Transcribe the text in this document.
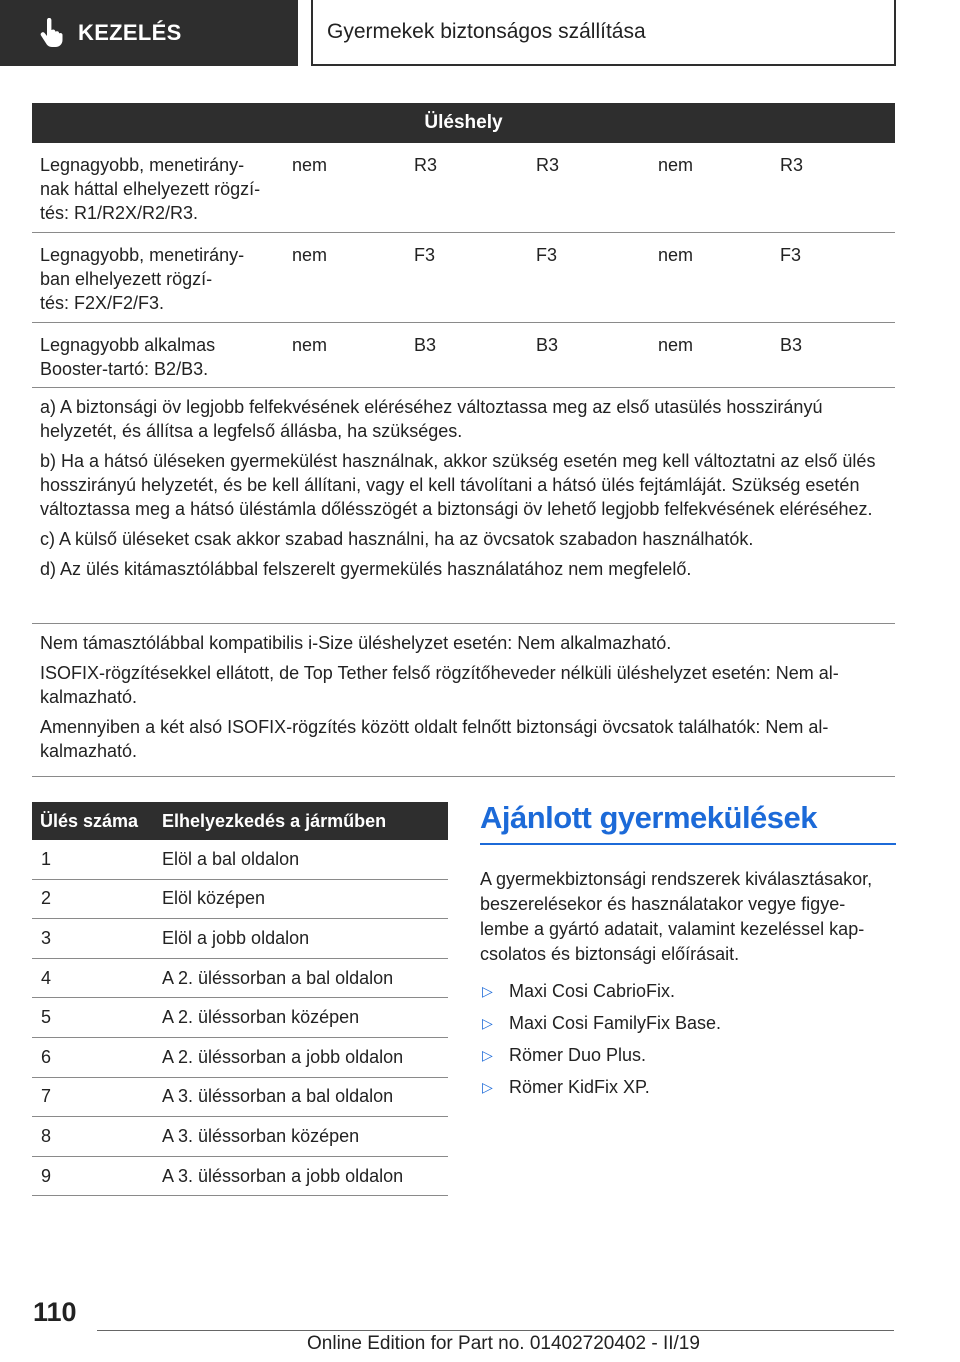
KEZELÉS	Gyermekek biztonságos szállítása
Üléshely
Legnagyobb, menetirány-
nak háttal elhelyezett rögzí-
tés: R1/R2X/R2/R3.
nem	R3	R3	nem	R3
Legnagyobb, menetirány-
ban elhelyezett rögzí-
tés: F2X/F2/F3.
nem	F3	F3	nem	F3
Legnagyobb alkalmas
Booster-tartó: B2/B3.
nem	B3	B3	nem	B3

a) A biztonsági öv legjobb felfekvésének eléréséhez változtassa meg az első utasülés hosszirányú helyzetét, és állítsa a legfelső állásba, ha szükséges.

b) Ha a hátsó üléseken gyermekülést használnak, akkor szükség esetén meg kell változtatni az első ülés hosszirányú helyzetét, és be kell állítani, vagy el kell távolítani a hátsó ülés fejtámláját. Szükség esetén változtassa meg a hátsó üléstámla dőlésszögét a biztonsági öv lehető legjobb felfekvésének eléréséhez.

c) A külső üléseket csak akkor szabad használni, ha az övcsatok szabadon használhatók.

d) Az ülés kitámasztólábbal felszerelt gyermekülés használatához nem megfelelő.

Nem támasztólábbal kompatibilis i-Size üléshelyzet esetén: Nem alkalmazható.

ISOFIX-rögzítésekkel ellátott, de Top Tether felső rögzítőheveder nélküli üléshelyzet esetén: Nem al-
kalmazható.

Amennyiben a két alsó ISOFIX-rögzítés között oldalt felnőtt biztonsági övcsatok találhatók: Nem al-
kalmazható.

Ülés száma	Elhelyezkedés a járműben
1	Elöl a bal oldalon
2	Elöl középen
3	Elöl a jobb oldalon
4	A 2. üléssorban a bal oldalon
5	A 2. üléssorban középen
6	A 2. üléssorban a jobb oldalon
7	A 3. üléssorban a bal oldalon
8	A 3. üléssorban középen
9	A 3. üléssorban a jobb oldalon
Ajánlott gyermekülések

A gyermekbiztonsági rendszerek kiválasztásakor, beszerelésekor és használatakor vegye figye-
lembe a gyártó adatait, valamint kezeléssel kap-
csolatos és biztonsági előírásait.

▷ Maxi Cosi CabrioFix.
▷ Maxi Cosi FamilyFix Base.
▷ Römer Duo Plus.
▷ Römer KidFix XP.
110
Online Edition for Part no. 01402720402 - II/19
